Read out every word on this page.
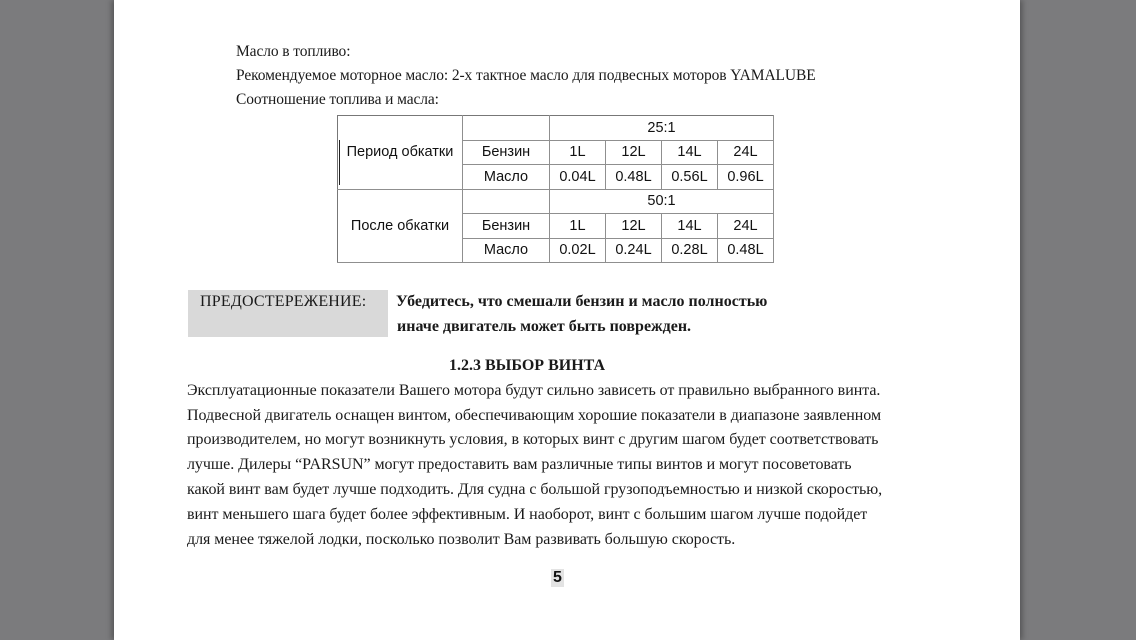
Масло в топливо:
Рекомендуемое моторное масло: 2-х тактное масло для подвесных моторов YAMALUBE
Соотношение топлива и масла:
Период обкатки		25:1			
	Бензин	1L	12L	14L	24L
	Масло	0.04L	0.48L	0.56L	0.96L
После обкатки		50:1			
	Бензин	1L	12L	14L	24L
	Масло	0.02L	0.24L	0.28L	0.48L
ПРЕДОСТЕРЕЖЕНИЕ: Убедитесь, что смешали бензин и масло полностью
иначе двигатель может быть поврежден.
1.2.3 ВЫБОР ВИНТА
Эксплуатационные показатели Вашего мотора будут сильно зависеть от правильно выбранного винта.
Подвесной двигатель оснащен винтом, обеспечивающим хорошие показатели в диапазоне заявленном
производителем, но могут возникнуть условия, в которых винт с другим шагом будет соответствовать
лучше. Дилеры “PARSUN” могут предоставить вам различные типы винтов и могут посоветовать
какой винт вам будет лучше подходить. Для судна с большой грузоподъемностью и низкой скоростью,
винт меньшего шага будет более эффективным. И наоборот, винт с большим шагом лучше подойдет
для менее тяжелой лодки, посколько позволит Вам развивать большую скорость.
5
